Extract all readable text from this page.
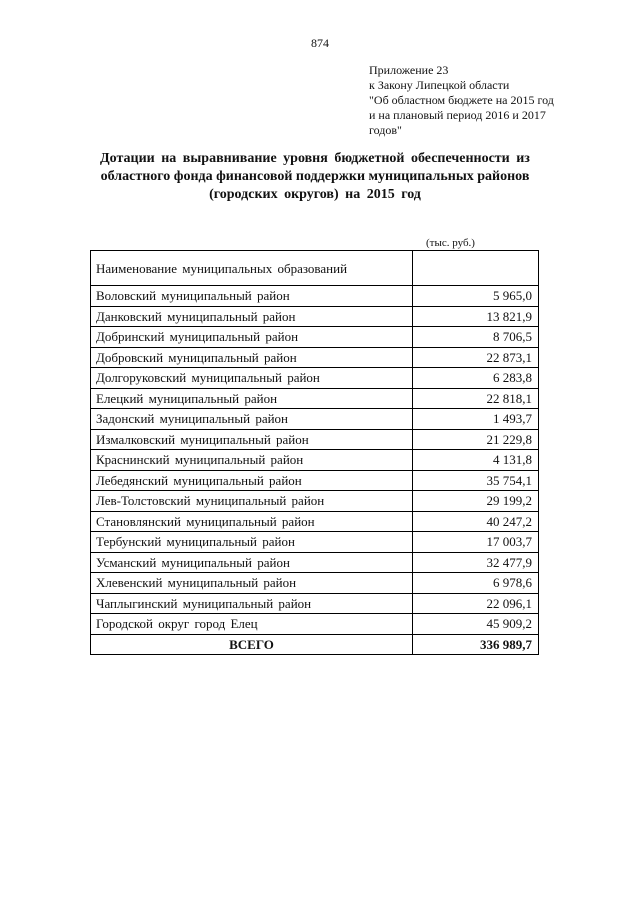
874
Приложение 23
к Закону Липецкой области
"Об областном бюджете на 2015 год
и на плановый период 2016 и 2017
годов"
Дотации на выравнивание уровня бюджетной обеспеченности из
областного фонда финансовой поддержки муниципальных районов
(городских округов) на 2015 год
(тыс. руб.)
Наименование муниципальных образований	
Воловский муниципальный район	5 965,0
Данковский муниципальный район	13 821,9
Добринский муниципальный район	8 706,5
Добровский муниципальный район	22 873,1
Долгоруковский муниципальный район	6 283,8
Елецкий муниципальный район	22 818,1
Задонский муниципальный район	1 493,7
Измалковский муниципальный район	21 229,8
Краснинский муниципальный район	4 131,8
Лебедянский муниципальный район	35 754,1
Лев-Толстовский муниципальный район	29 199,2
Становлянский муниципальный район	40 247,2
Тербунский муниципальный район	17 003,7
Усманский муниципальный район	32 477,9
Хлевенский муниципальный район	6 978,6
Чаплыгинский муниципальный район	22 096,1
Городской округ город Елец	45 909,2
ВСЕГО	336 989,7
